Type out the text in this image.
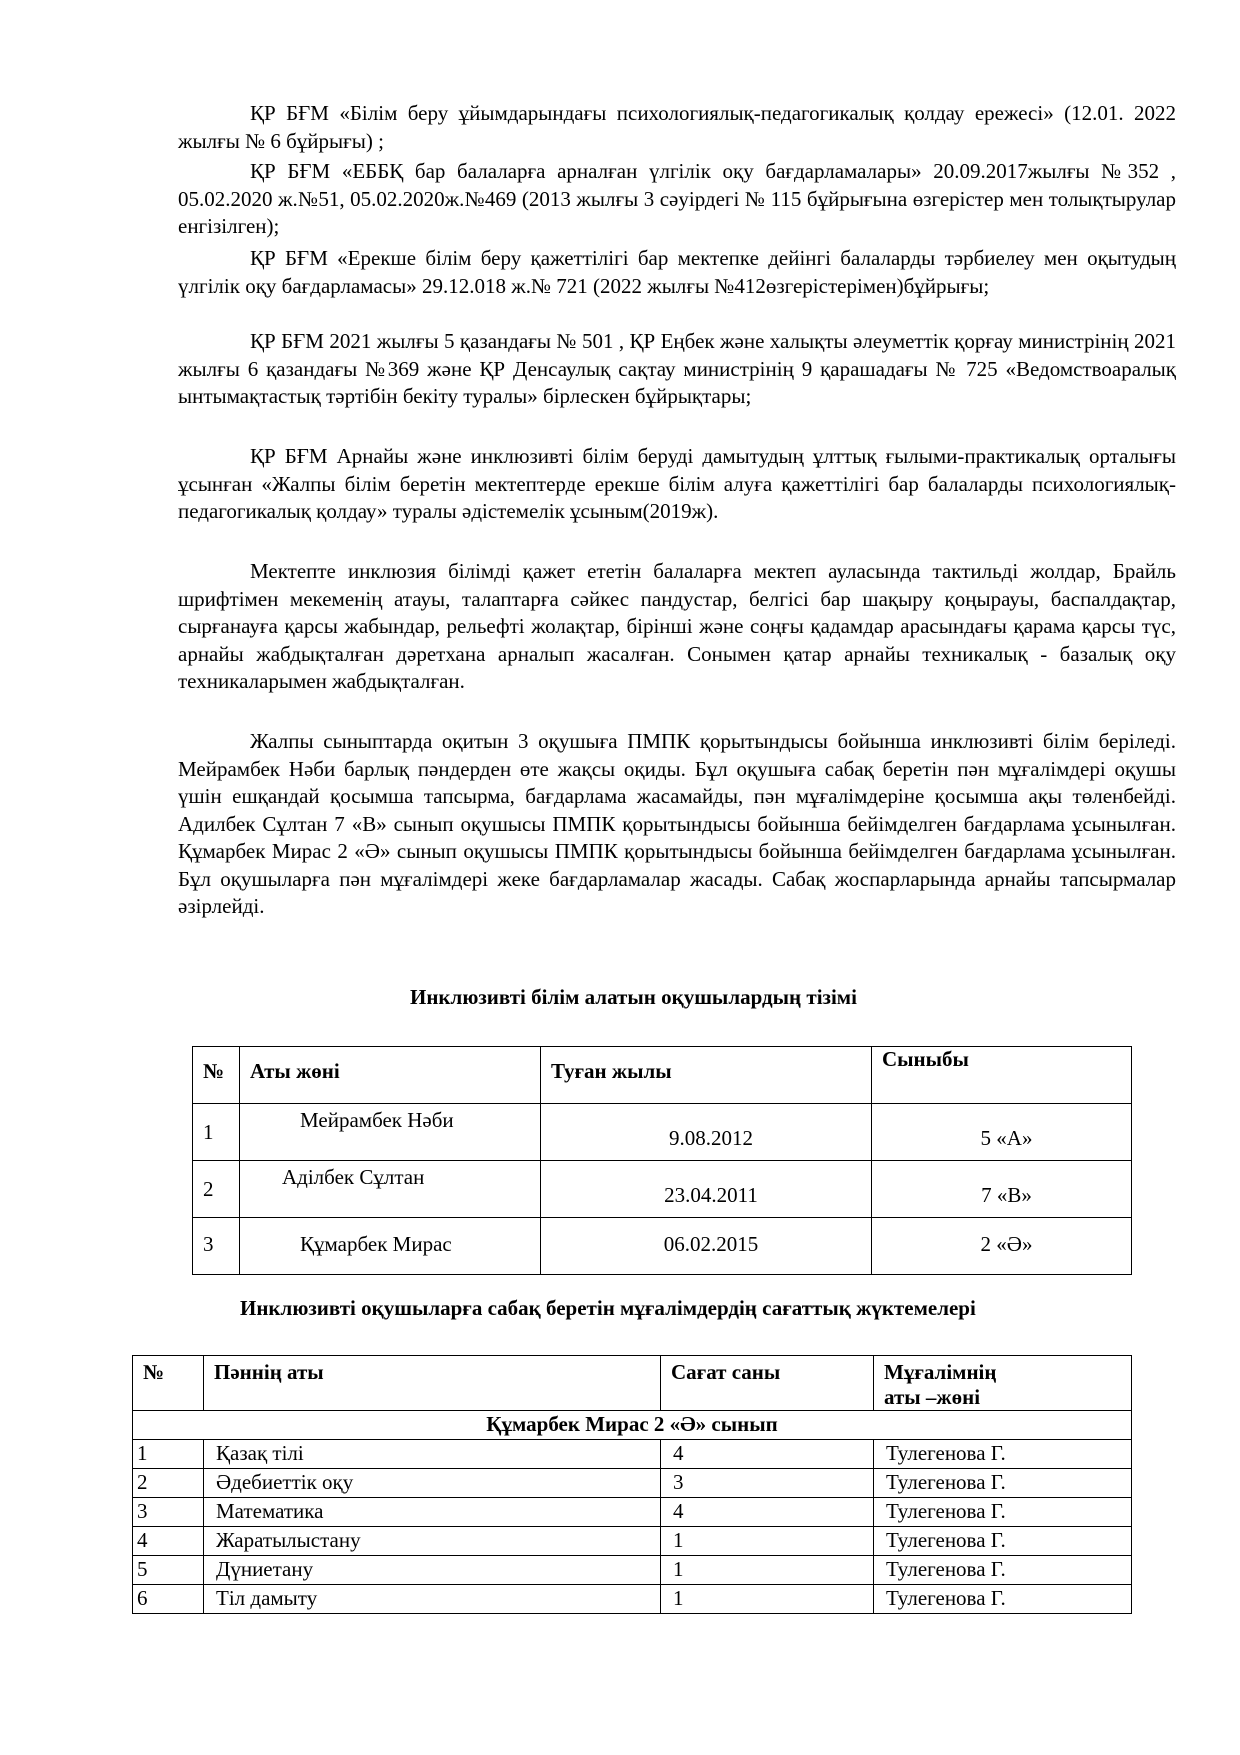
ҚР БҒМ «Білім беру ұйымдарындағы психологиялық-педагогикалық қолдау ережесі» (12.01. 2022 жылғы № 6 бұйрығы) ;

ҚР БҒМ «ЕББҚ бар балаларға арналған үлгілік оқу бағдарламалары» 20.09.2017жылғы №352 , 05.02.2020 ж.№51, 05.02.2020ж.№469 (2013 жылғы 3 сәуірдегі № 115 бұйрығына өзгерістер мен толықтырулар енгізілген);

ҚР БҒМ «Ерекше білім беру қажеттілігі бар мектепке дейінгі балаларды тәрбиелеу мен оқытудың үлгілік оқу бағдарламасы» 29.12.018 ж.№ 721 (2022 жылғы №412өзгерістерімен)бұйрығы;

ҚР БҒМ 2021 жылғы 5 қазандағы № 501 , ҚР Еңбек және халықты әлеуметтік қорғау министрінің 2021 жылғы 6 қазандағы №369 және ҚР Денсаулық сақтау министрінің 9 қарашадағы № 725 «Ведомствоаралық ынтымақтастық тәртібін бекіту туралы» бірлескен бұйрықтары;

ҚР БҒМ Арнайы және инклюзивті білім беруді дамытудың ұлттық ғылыми-практикалық орталығы ұсынған «Жалпы білім беретін мектептерде ерекше білім алуға қажеттілігі бар балаларды психологиялық-педагогикалық қолдау» туралы әдістемелік ұсыным(2019ж).

Мектепте инклюзия білімді қажет ететін балаларға мектеп ауласында тактильді жолдар, Брайль шрифтімен мекеменің атауы, талаптарға сәйкес пандустар, белгісі бар шақыру қоңырауы, баспалдақтар, сырғанауға қарсы жабындар, рельефті жолақтар, бірінші және соңғы қадамдар арасындағы қарама қарсы түс, арнайы жабдықталған дәретхана арналып жасалған. Сонымен қатар арнайы техникалық - базалық оқу техникаларымен жабдықталған.

Жалпы сыныптарда оқитын 3 оқушыға ПМПК қорытындысы бойынша инклюзивті білім беріледі. Мейрамбек Нәби барлық пәндерден өте жақсы оқиды. Бұл оқушыға сабақ беретін пән мұғалімдері оқушы үшін ешқандай қосымша тапсырма, бағдарлама жасамайды, пән мұғалімдеріне қосымша ақы төленбейді. Адилбек Сұлтан 7 «В» сынып оқушысы ПМПК қорытындысы бойынша бейімделген бағдарлама ұсынылған. Құмарбек Мирас 2 «Ә» сынып оқушысы ПМПК қорытындысы бойынша бейімделген бағдарлама ұсынылған. Бұл оқушыларға пән мұғалімдері жеке бағдарламалар жасады. Сабақ жоспарларында арнайы тапсырмалар әзірлейді.

Инклюзивті білім алатын оқушылардың тізімі

№	Аты жөні	Туған жылы	Сыныбы

1	Мейрамбек Нәби	9.08.2012	5 «А»

2	Аділбек Сұлтан	23.04.2011	7 «В»

3	Құмарбек Мирас	06.02.2015	2 «Ә»

Инклюзивті оқушыларға сабақ беретін мұғалімдердің сағаттық жүктемелері

№	Пәннің аты	Сағат саны	Мұғалімнің
аты –жөні

Құмарбек Мирас 2 «Ә» сынып			
1	Қазақ тілі	4	Тулегенова Г.
2	Әдебиеттік оқу	3	Тулегенова Г.
3	Математика	4	Тулегенова Г.
4	Жаратылыстану	1	Тулегенова Г.
5	Дүниетану	1	Тулегенова Г.
6	Тіл дамыту	1	Тулегенова Г.
